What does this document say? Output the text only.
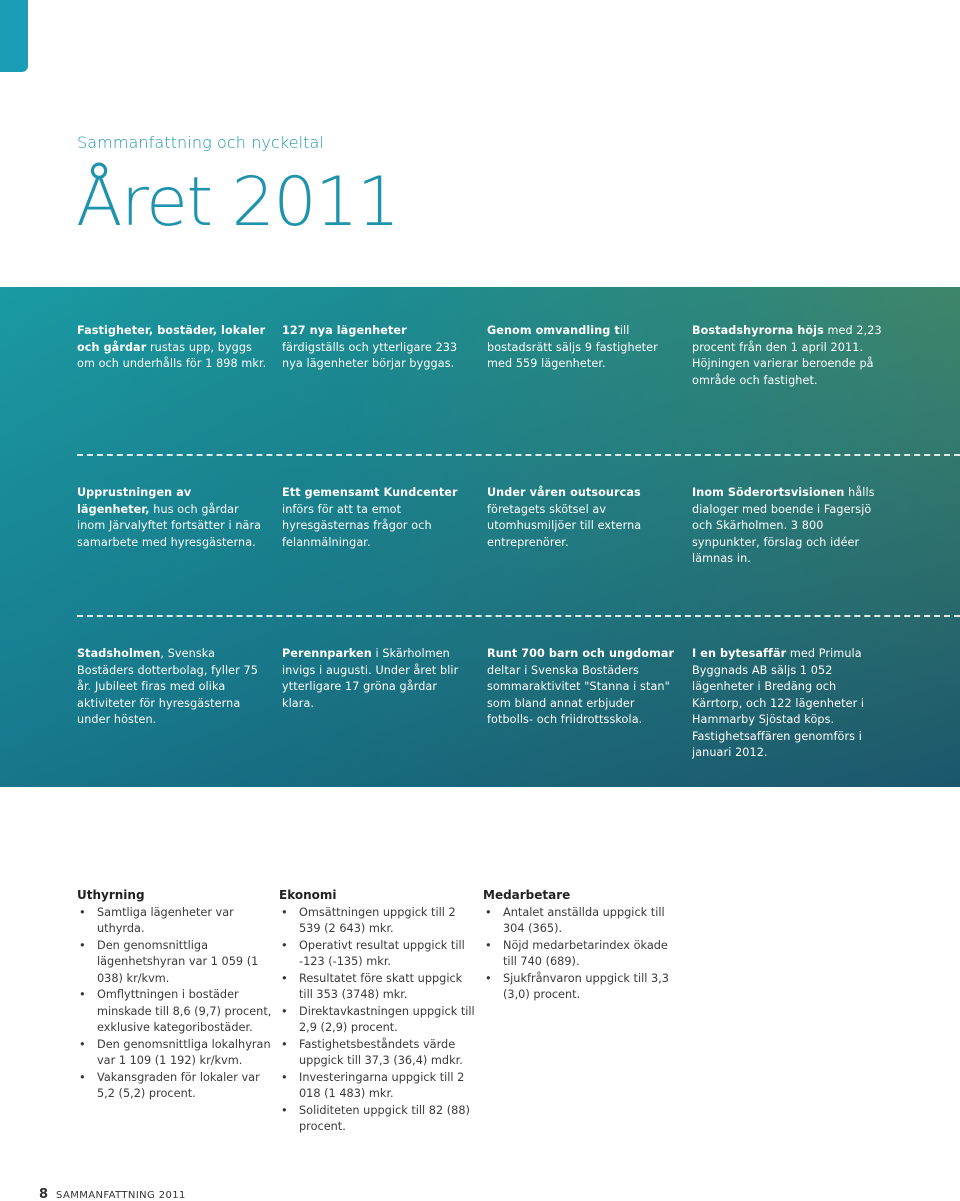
Sammanfattning och nyckeltal
Året 2011
Fastigheter, bostäder, lokaler och gårdar rustas upp, byggs om och underhålls för 1 898 mkr.
127 nya lägenheter färdigställs och ytterligare 233 nya lägenheter börjar byggas.
Genom omvandling till bostadsrätt säljs 9 fastigheter med 559 lägenheter.
Bostadshyrorna höjs med 2,23 procent från den 1 april 2011. Höjningen varierar beroende på område och fastighet.
Upprustningen av lägenheter, hus och gårdar inom Järvalyftet fortsätter i nära samarbete med hyresgästerna.
Ett gemensamt Kundcenter införs för att ta emot hyresgästernas frågor och felanmälningar.
Under våren outsourcas företagets skötsel av utomhusmiljöer till externa entreprenörer.
Inom Söderortsvisionen hålls dialoger med boende i Fagersjö och Skärholmen. 3 800 synpunkter, förslag och idéer lämnas in.
Stadsholmen, Svenska Bostäders dotterbolag, fyller 75 år. Jubileet firas med olika aktiviteter för hyresgästerna under hösten.
Perennparken i Skärholmen invigs i augusti. Under året blir ytterligare 17 gröna gårdar klara.
Runt 700 barn och ungdomar deltar i Svenska Bostäders sommaraktivitet "Stanna i stan" som bland annat erbjuder fotbolls- och friidrottsskola.
I en bytesaffär med Primula Byggnads AB säljs 1 052 lägenheter i Bredäng och Kärrtorp, och 122 lägenheter i Hammarby Sjöstad köps. Fastighetsaffären genomförs i januari 2012.
Uthyrning
• Samtliga lägenheter var uthyrda.
• Den genomsnittliga lägenhetshyran var 1 059 (1 038) kr/kvm.
• Omflyttningen i bostäder minskade till 8,6 (9,7) procent, exklusive kategoribostäder.
• Den genomsnittliga lokalhyran var 1 109 (1 192) kr/kvm.
• Vakansgraden för lokaler var 5,2 (5,2) procent.
Ekonomi
• Omsättningen uppgick till 2 539 (2 643) mkr.
• Operativt resultat uppgick till -123 (-135) mkr.
• Resultatet före skatt uppgick till 353 (3748) mkr.
• Direktavkastningen uppgick till 2,9 (2,9) procent.
• Fastighetsbeståndets värde uppgick till 37,3 (36,4) mdkr.
• Investeringarna uppgick till 2 018 (1 483) mkr.
• Soliditeten uppgick till 82 (88) procent.
Medarbetare
• Antalet anställda uppgick till 304 (365).
• Nöjd medarbetarindex ökade till 740 (689).
• Sjukfrånvaron uppgick till 3,3 (3,0) procent.
8 SAMMANFATTNING 2011
